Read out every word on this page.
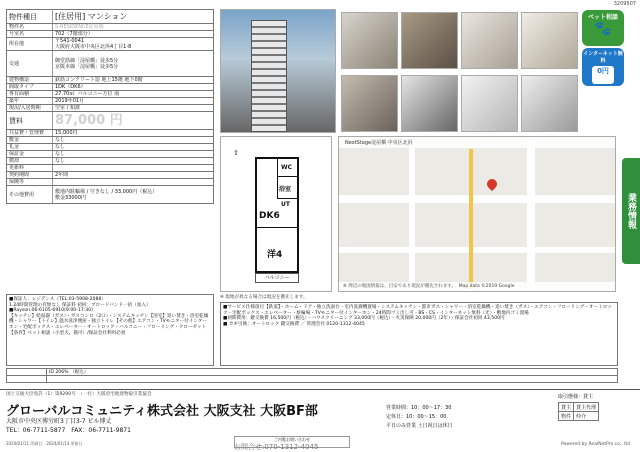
3209507
物件種目	[住居用] マンション
物件名	S-RESIDENCE淀屋橋
号室名	702（7階部分）
所在地	〒541-0041
大阪府大阪市中央区北浜4丁目1-8

交通	御堂筋線「淀屋橋」徒歩5分
京阪本線「淀屋橋」徒歩5分

建物構造	鉄筋コンクリート造 地上15階 地下0階
間取タイプ	1DK（DK6）
専有面積	27.70㎡ バルコニー方位 南
築年	2019年01月
現況/入居時期	空室 / 相談
賃料	87,000 円
共益費・管理費	15,000円
敷金	なし
礼金	なし
保証金	なし
償却	なし
更新料	
契約期間	2年間
保険等	
その他費用	敷地内駐輪場 / 空きなし / 33,000円（税込）
敷金33000円
■保証人：レジデンス（TEL:03-5908-2088）
1.24時間管理の有無なし 保証料 初回：ブロードバンド一括（加入）
■Rayson.06-6105-6910(9:00-17:30)
【キッチン】給湯器（ガス）・ガスコンロ（2口）・システムキッチン【浴室】追い焚き・浴室乾燥機・シャワー【トイレ】温水洗浄便座・独立トイレ【その他】エアコン・TVモニター付インターホン・宅配ボックス・エレベーター・オートロック・バルコニー・フローリング・クローゼット
【条件】ペット相談（小型犬、猫可）/保証会社利用必須
ペット相談
🐾
インターネット無料
0円
WC
浴室
UT
DK6
洋4
バルコニー
⇧
NextStage淀屋橋 中央区北浜
※ 周辺の地図情報は、目安であり現況が優先されます。 Map data ©2019 Google
※ 現地が異なる場合は現況を優先します。
■サービス仕様項目【鉄道】・ホーム・ドア・独立洗面台・室内洗濯機置場・システムキッチン・都市ガス・シャワー・浴室乾燥機・追い焚き（ガス）・エアコン・フローリング・オートロック・宅配ボックス・エレベーター・駐輪場・TVモニター付インターホン・24時間ゴミ出し可・BS・CS・インターネット無料（光）・敷地内ゴミ置場
■初期費用：鍵交換費 16,500円（税込）・ハウスクリーニング 33,000円（税込）・火災保険 20,000円（2年）・保証会社初回 43,500円
■ カギ引換：オートロック 鍵交換費 ／ 管理会社 0120-1312-4045
	ID 206% （税込）

業務情報
国土交通大臣免許（1）第9290号　（一社）大阪府宅地建物取引業協会
グローバルコミュニティ株式会社 大阪支社 大阪BF部
大阪市中央区博労町3丁目3-7 ビル博丈
TEL：06-7711-5877　FAX：06-7711-9871
営業時間：10：00～17：30
定休日：10：00～15：00
平日のみ営業 土日祝日は休日
取引態様：貸主
貸主	貸主代理
物件	仲介
ご内覧お問い合わせ
お問合せ:070-1312-4045
2024/01/11 印刷日　2024/01/14 更新日	Powered by RealNetPro co., ltd
